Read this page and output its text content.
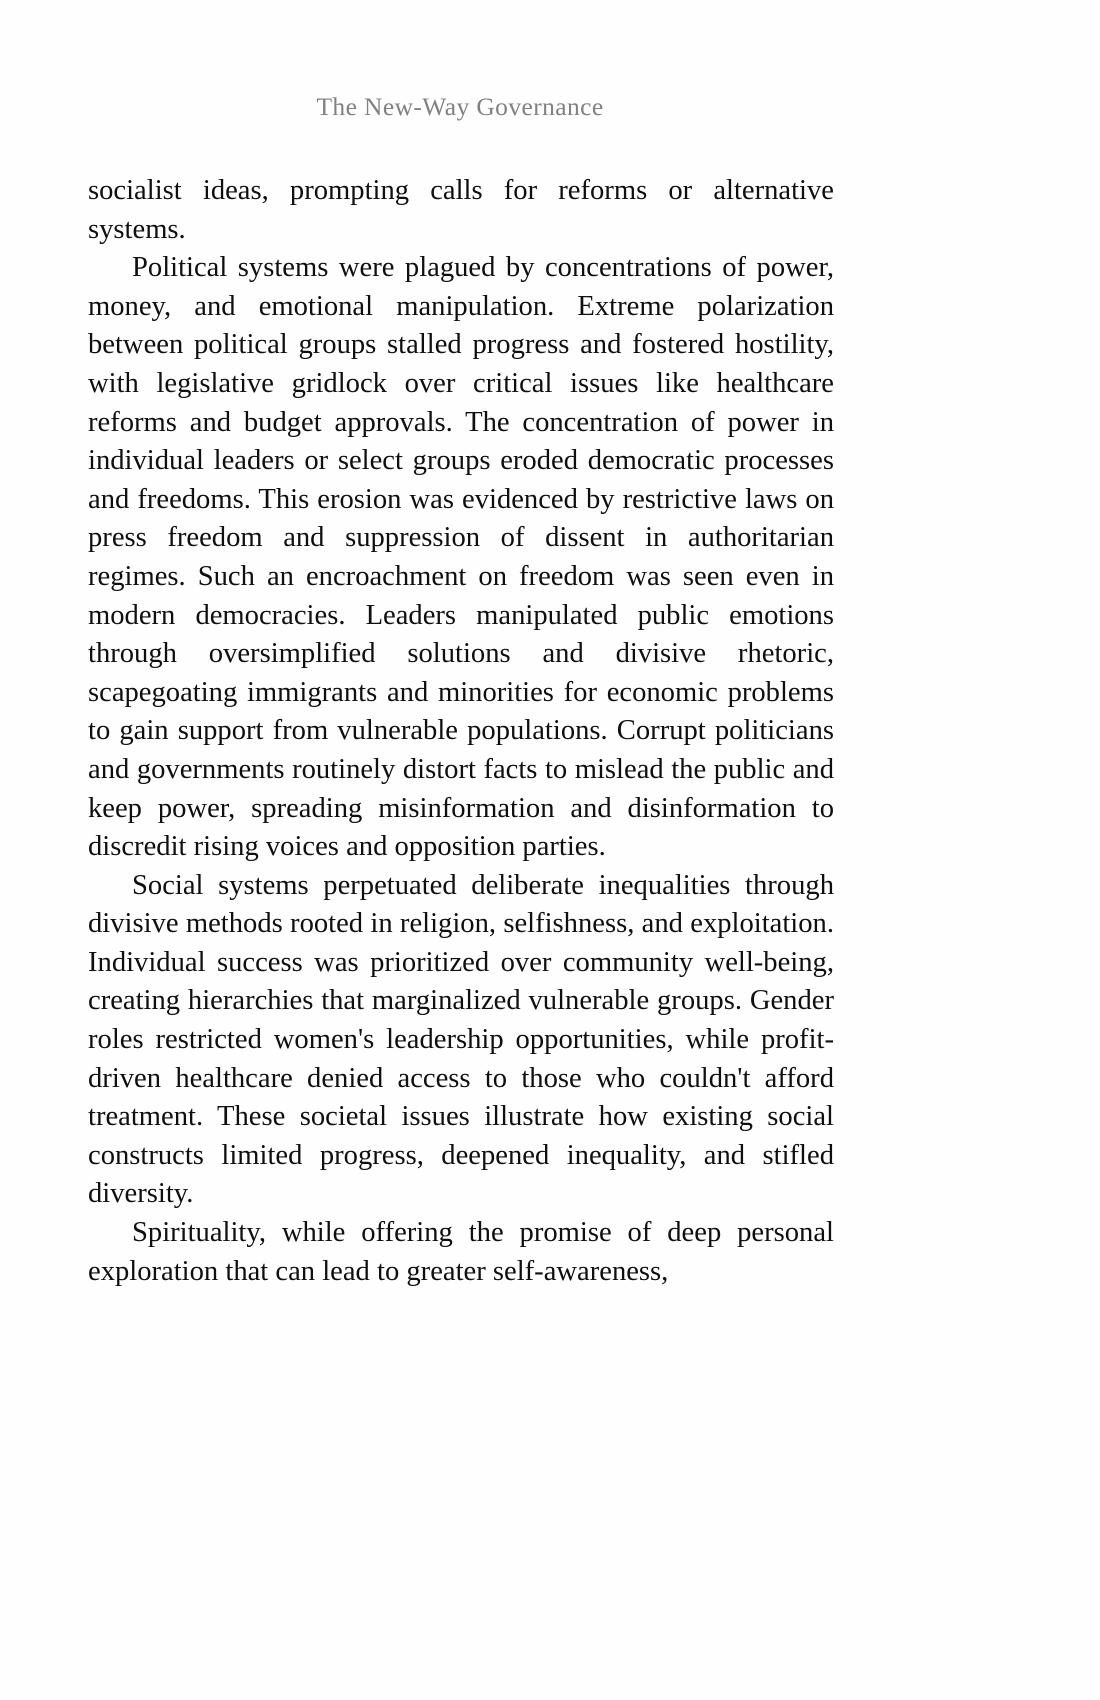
The New-Way Governance

socialist ideas, prompting calls for reforms or alternative systems.

Political systems were plagued by concentrations of power, money, and emotional manipulation. Extreme polarization between political groups stalled progress and fostered hostility, with legislative gridlock over critical issues like healthcare reforms and budget approvals. The concentration of power in individual leaders or select groups eroded democratic processes and freedoms. This erosion was evidenced by restrictive laws on press freedom and suppression of dissent in authoritarian regimes. Such an encroachment on freedom was seen even in modern democracies. Leaders manipulated public emotions through oversimplified solutions and divisive rhetoric, scapegoating immigrants and minorities for economic problems to gain support from vulnerable populations. Corrupt politicians and governments routinely distort facts to mislead the public and keep power, spreading misinformation and disinformation to discredit rising voices and opposition parties.

Social systems perpetuated deliberate inequalities through divisive methods rooted in religion, selfishness, and exploitation. Individual success was prioritized over community well-being, creating hierarchies that marginalized vulnerable groups. Gender roles restricted women's leadership opportunities, while profit-driven healthcare denied access to those who couldn't afford treatment. These societal issues illustrate how existing social constructs limited progress, deepened inequality, and stifled diversity.

Spirituality, while offering the promise of deep personal exploration that can lead to greater self-awareness,
